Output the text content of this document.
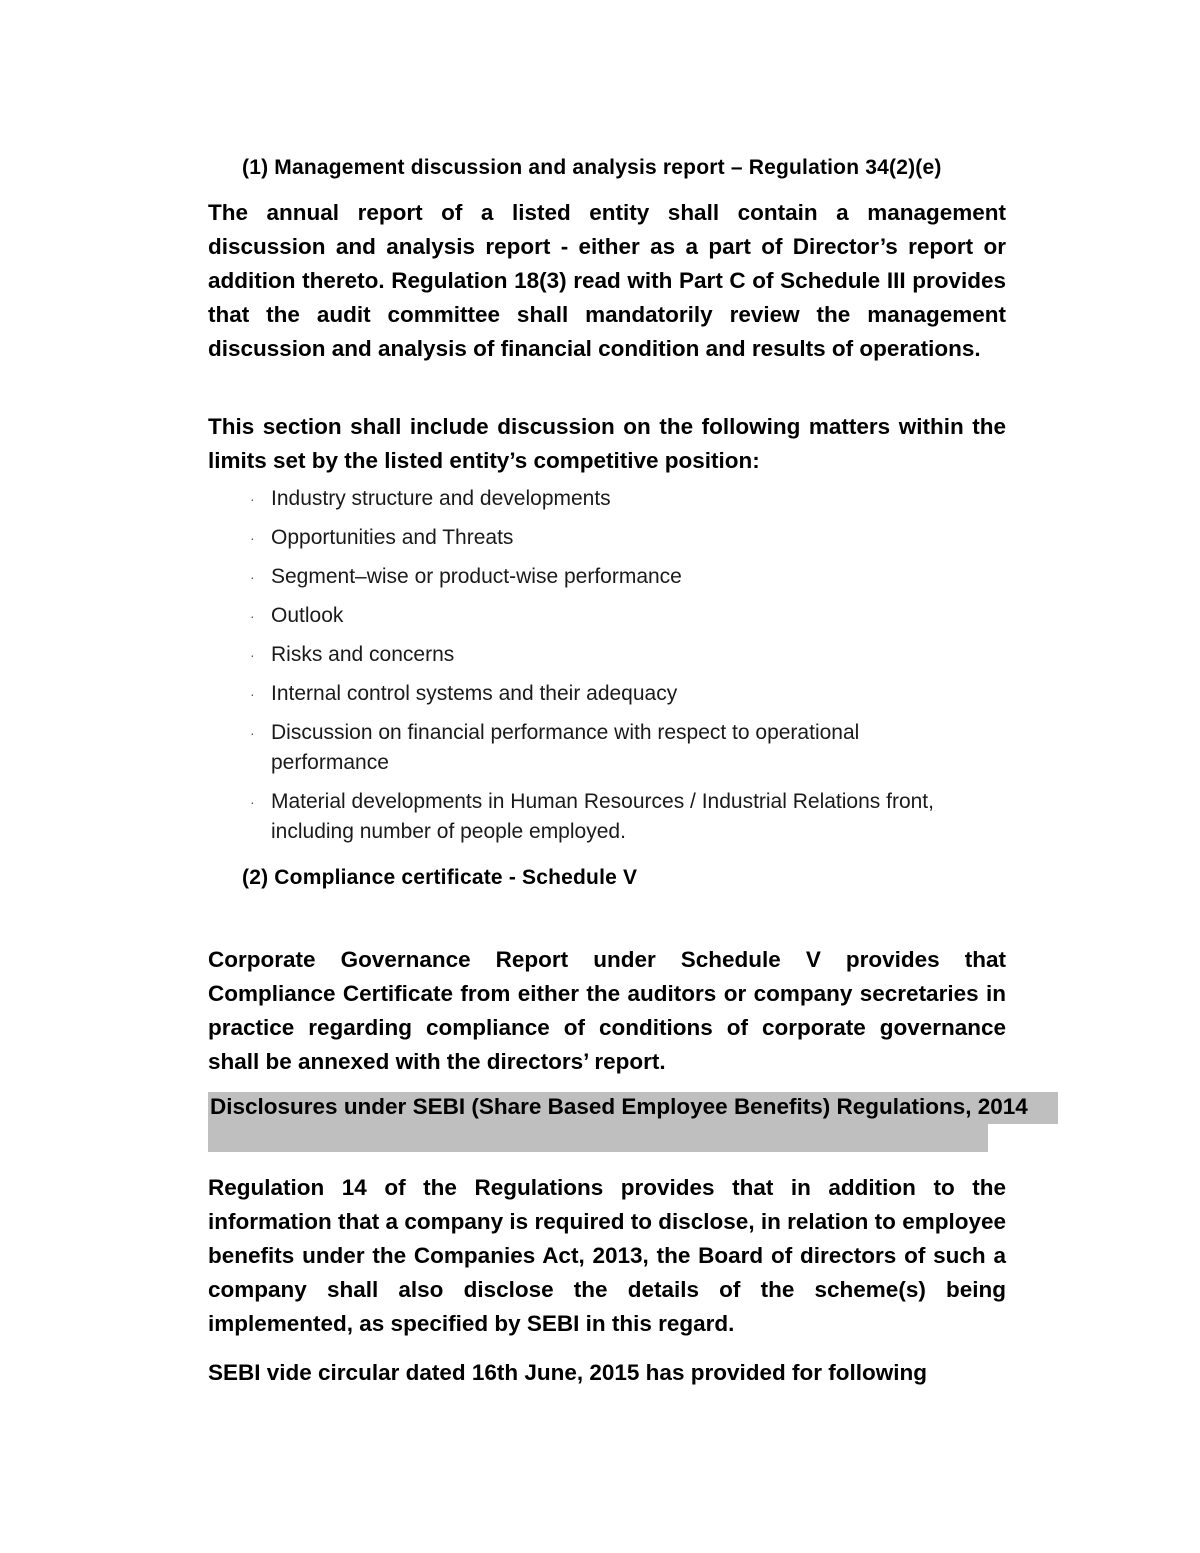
(1) Management discussion and analysis report – Regulation 34(2)(e)
The annual report of a listed entity shall contain a management discussion and analysis report - either as a part of Director’s report or addition thereto. Regulation 18(3) read with Part C of Schedule III provides that the audit committee shall mandatorily review the management discussion and analysis of financial condition and results of operations.
This section shall include discussion on the following matters within the limits set by the listed entity’s competitive position:
· Industry structure and developments
· Opportunities and Threats
· Segment–wise or product-wise performance
· Outlook
· Risks and concerns
· Internal control systems and their adequacy
· Discussion on financial performance with respect to operational performance
· Material developments in Human Resources / Industrial Relations front, including number of people employed.
(2) Compliance certificate - Schedule V
Corporate Governance Report under Schedule V provides that Compliance Certificate from either the auditors or company secretaries in practice regarding compliance of conditions of corporate governance shall be annexed with the directors’ report.
Disclosures under SEBI (Share Based Employee Benefits) Regulations, 2014
Regulation 14 of the Regulations provides that in addition to the information that a company is required to disclose, in relation to employee benefits under the Companies Act, 2013, the Board of directors of such a company shall also disclose the details of the scheme(s) being implemented, as specified by SEBI in this regard.
SEBI vide circular dated 16th June, 2015 has provided for following
